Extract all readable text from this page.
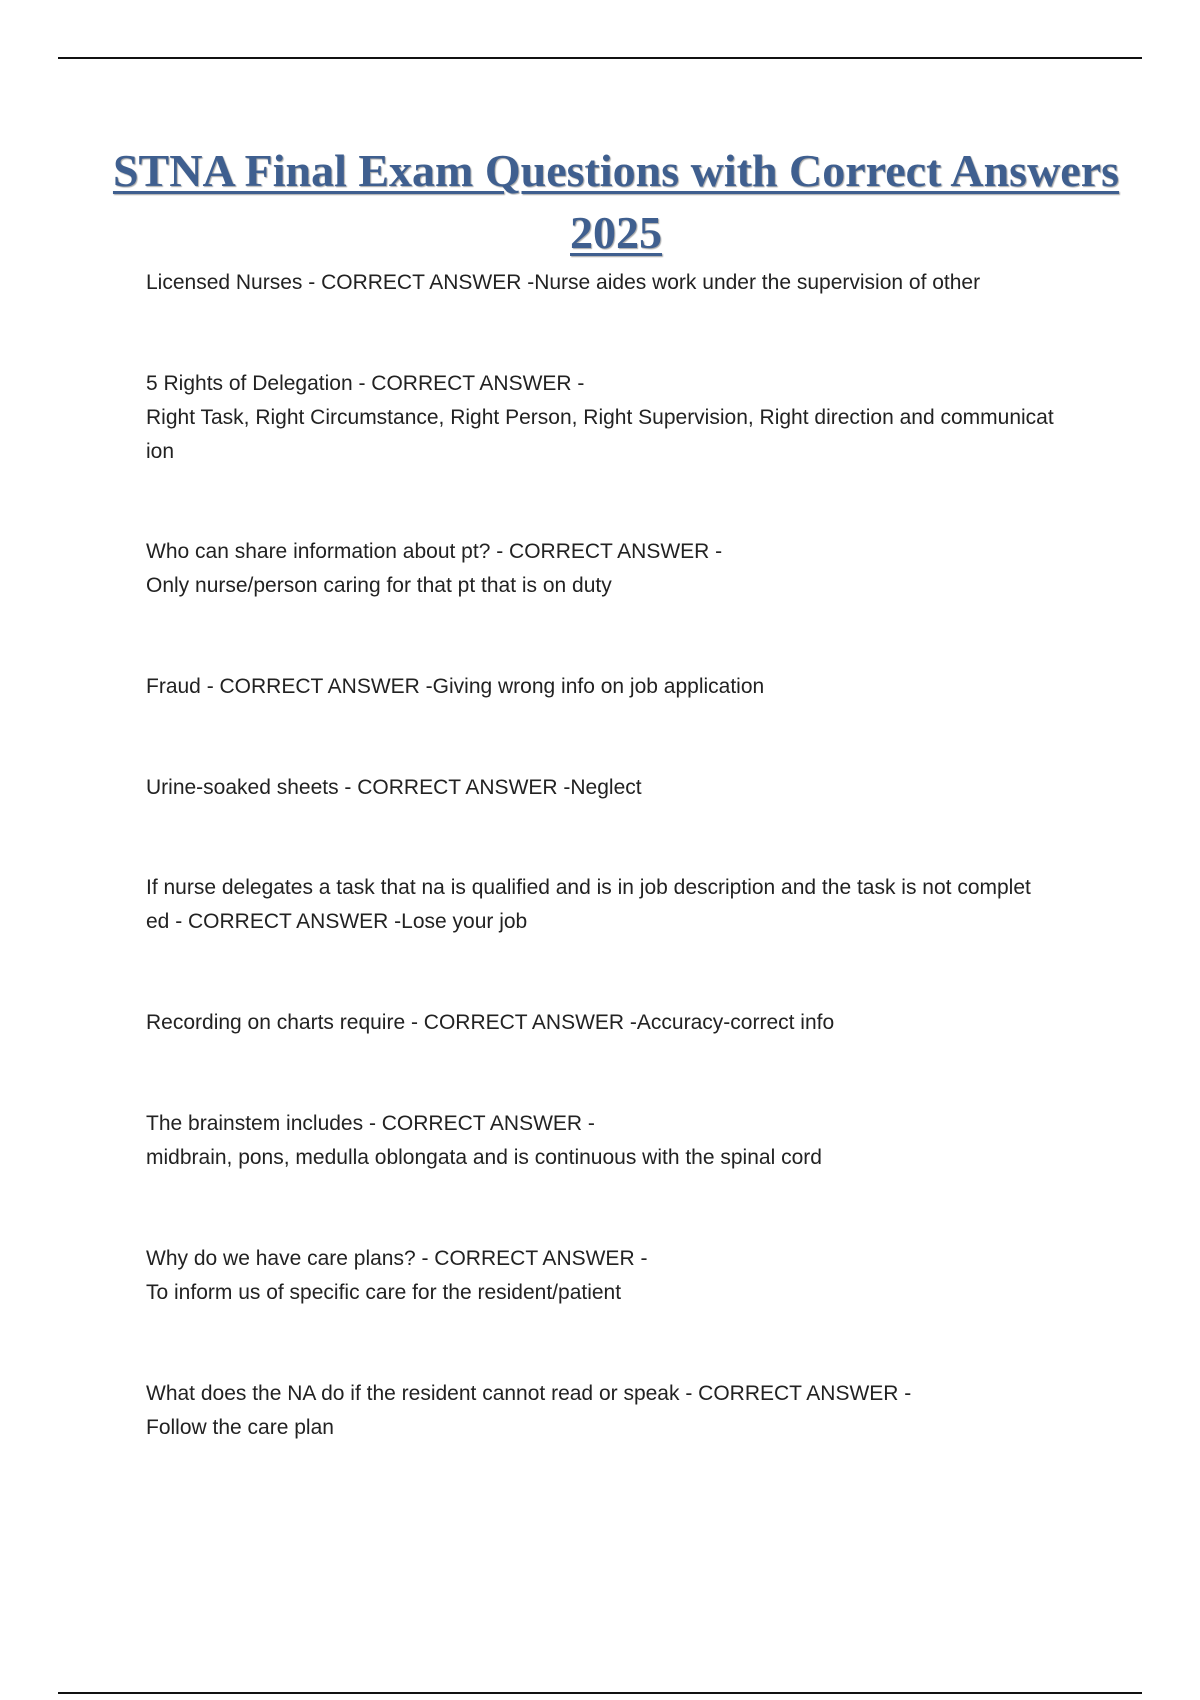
STNA Final Exam Questions with Correct Answers 2025
Licensed Nurses - CORRECT ANSWER -Nurse aides work under the supervision of other
5 Rights of Delegation - CORRECT ANSWER -
Right Task, Right Circumstance, Right Person, Right Supervision, Right direction and communicat
ion
Who can share information about pt? - CORRECT ANSWER -
Only nurse/person caring for that pt that is on duty
Fraud - CORRECT ANSWER -Giving wrong info on job application
Urine-soaked sheets - CORRECT ANSWER -Neglect
If nurse delegates a task that na is qualified and is in job description and the task is not complet
ed - CORRECT ANSWER -Lose your job
Recording on charts require - CORRECT ANSWER -Accuracy-correct info
The brainstem includes - CORRECT ANSWER -
midbrain, pons, medulla oblongata and is continuous with the spinal cord
Why do we have care plans? - CORRECT ANSWER -
To inform us of specific care for the resident/patient
What does the NA do if the resident cannot read or speak - CORRECT ANSWER -
Follow the care plan
